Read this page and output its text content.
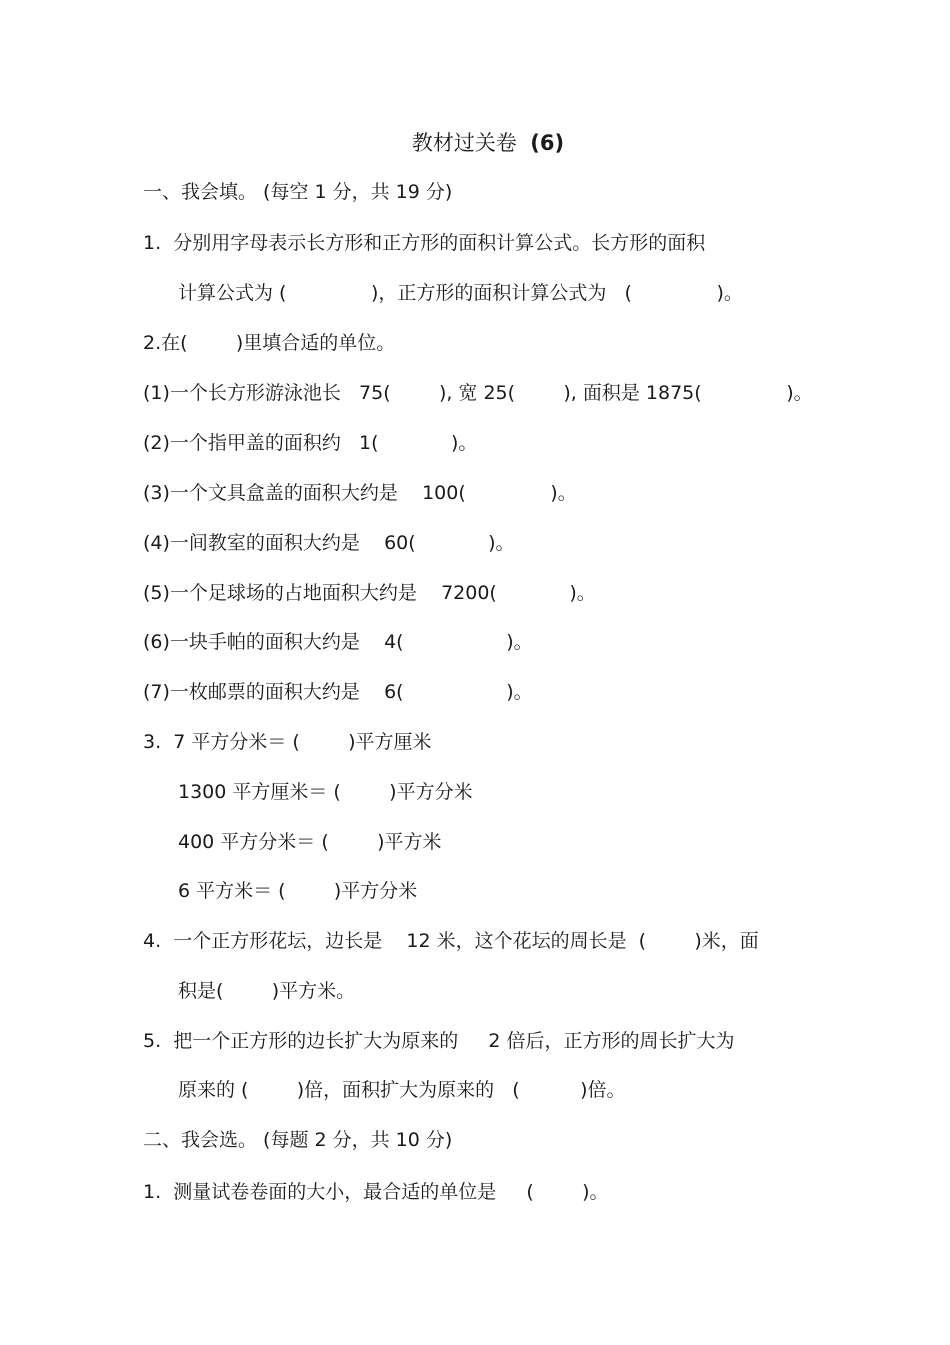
教材过关卷 (6)
一、我会填。 (每空 1 分，共 19 分)
1.  分别用字母表示长方形和正方形的面积计算公式。长方形的面积
计算公式为 (              )，正方形的面积计算公式为   (              )。
2.在(        )里填合适的单位。
(1)一个长方形游泳池长   75(        ), 宽 25(        ), 面积是 1875(              )。
(2)一个指甲盖的面积约   1(            )。
(3)一个文具盒盖的面积大约是    100(              )。
(4)一间教室的面积大约是    60(            )。
(5)一个足球场的占地面积大约是    7200(            )。
(6)一块手帕的面积大约是    4(                 )。
(7)一枚邮票的面积大约是    6(                 )。
3.  7 平方分米＝ (        )平方厘米
1300 平方厘米＝ (        )平方分米
400 平方分米＝ (        )平方米
6 平方米＝ (        )平方分米
4.  一个正方形花坛，边长是    12 米，这个花坛的周长是  (        )米，面
积是(        )平方米。
5.  把一个正方形的边长扩大为原来的     2 倍后，正方形的周长扩大为
原来的 (        )倍，面积扩大为原来的   (          )倍。
二、我会选。 (每题 2 分，共 10 分)
1.  测量试卷卷面的大小，最合适的单位是     (        )。
